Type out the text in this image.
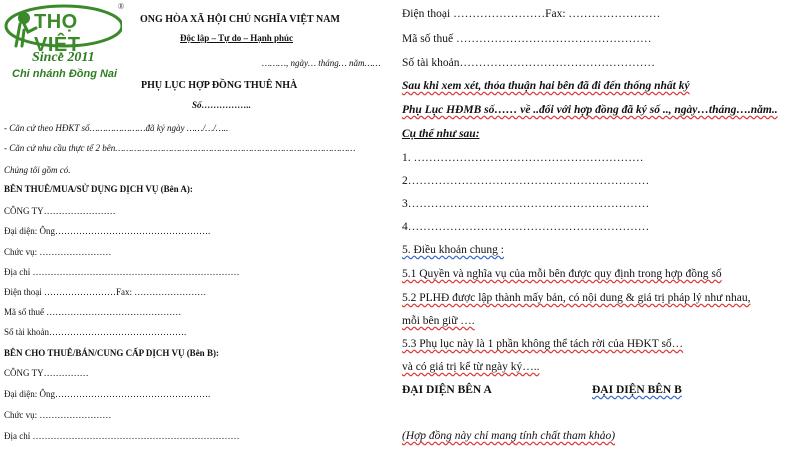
THỌ VIỆT
®
Since 2011
Chi nhánh Đồng Nai
ONG HÒA XÃ HỘI CHỦ NGHĨA VIỆT NAM
Độc lập – Tự do – Hạnh phúc
………, ngày… tháng… năm……
PHỤ LỤC HỢP ĐỒNG THUÊ NHÀ
Số……………..
- Căn cứ theo HĐKT số…………………đã ký ngày ……/…/…..
- Căn cứ nhu cầu thực tế 2 bên………………………………………………………………………………
Chúng tôi gồm có.
BÊN THUÊ/MUA/SỬ DỤNG DỊCH VỤ (Bên A):
CÔNG TY……………………
Đại diện: Ông…………………………………………….
Chức vụ: ……………………
Địa chỉ ……………………………………………………………
Điện thoại ……………………Fax: ……………………
Mã số thuế ………………………………………
Số tài khoản……………………………………….
BÊN CHO THUÊ/BÁN/CUNG CẤP DỊCH VỤ (Bên B):
CÔNG TY……………
Đại diện: Ông…………………………………………….
Chức vụ: ……………………
Địa chỉ ……………………………………………………………
Điện thoại ……………………Fax: ……………………
Mã số thuế ……………………………………………
Số tài khoản……………………………………………
Sau khi xem xét, thỏa thuận hai bên đã đi đến thống nhất ký
Phụ Lục HĐMB số…… về ..đổi với hợp đồng đã ký số .., ngày…tháng….năm..
Cụ thể như sau:
1. ……………………………………………………
2………………………………………………………
3………………………………………………………
4………………………………………………………
5. Điều khoản chung :
5.1 Quyền và nghĩa vụ của mỗi bên được quy định trong hợp đồng số
5.2 PLHĐ được lập thành mấy bản, có nội dung & giá trị pháp lý như nhau,
mỗi bên giữ ….
5.3 Phụ lục này là 1 phần không thể tách rời của HĐKT số…
và có giá trị kể từ ngày ký…..
ĐẠI DIỆN BÊN A	ĐẠI DIỆN BÊN B
(Hợp đồng này chỉ mang tính chất tham khảo)
